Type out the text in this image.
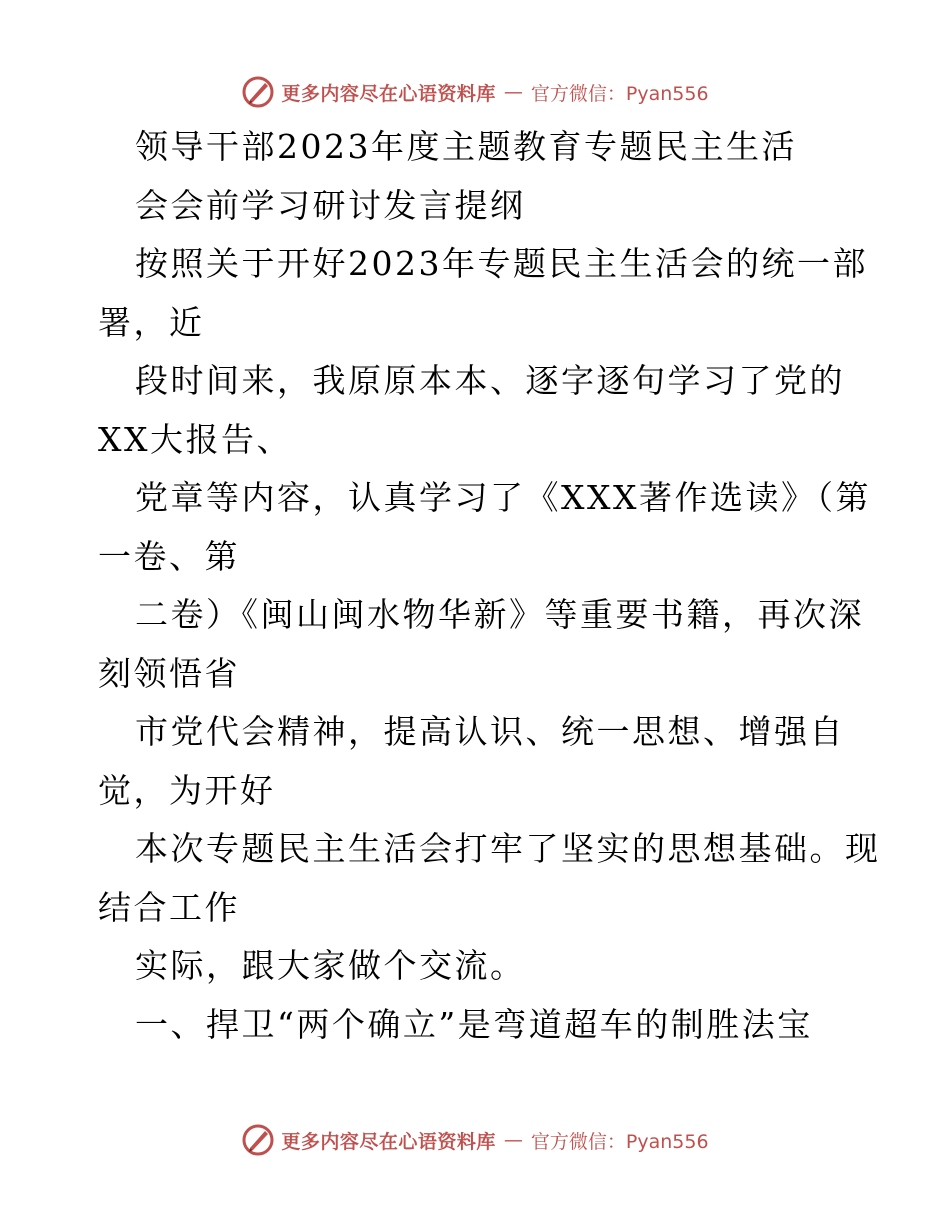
更多内容尽在心语资料库 — 官方微信：Pyan556
领导干部2023年度主题教育专题民主生活
会会前学习研讨发言提纲
按照关于开好2023年专题民主生活会的统一部
署，近
段时间来，我原原本本、逐字逐句学习了党的
XX大报告、
党章等内容，认真学习了《XXX著作选读》（第
一卷、第
二卷）《闽山闽水物华新》等重要书籍，再次深
刻领悟省
市党代会精神，提高认识、统一思想、增强自
觉，为开好
本次专题民主生活会打牢了坚实的思想基础。现
结合工作
实际，跟大家做个交流。
一、捍卫“两个确立”是弯道超车的制胜法宝
更多内容尽在心语资料库 — 官方微信：Pyan556
